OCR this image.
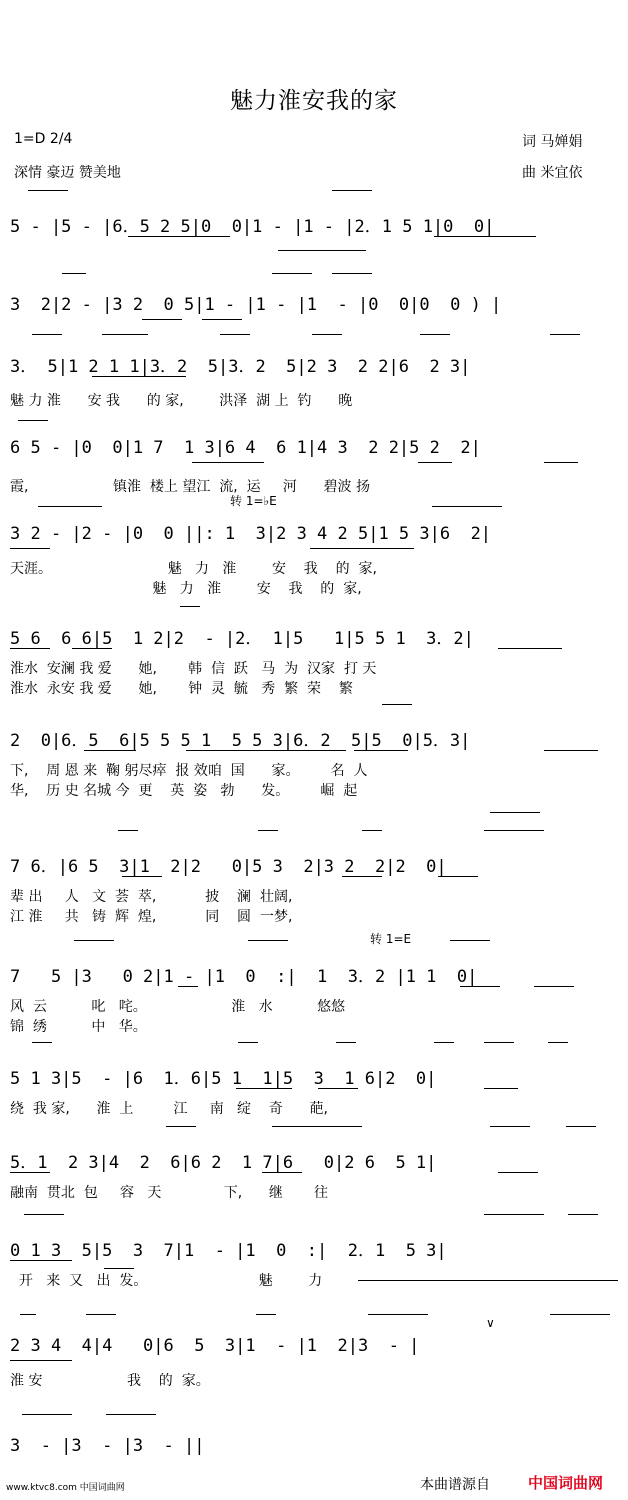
魅力淮安我的家
1=D 2/4
深情 豪迈 赞美地
词 马婵娟
曲 米宜依
5 - |5 - |6．5 2 5|0  0|1 - |1 - |2．1 5 1|0  0|
3  2|2 - |3 2  0 5|1 - |1 - |1  - |0  0|0  0 ) |
3． 5|1 2 1 1|3．2  5|3．2  5|2 3  2 2|6  2 3|
魅 力 淮      安 我      的 家,        洪泽  湖 上  钓      晚
6 5 - |0  0|1 7  1 3|6 4  6 1|4 3  2 2|5 2  2|
霞,                   镇淮  楼上 望江  流,  运     河      碧波 扬
转 1=♭E
3 2 - |2 - |0  0 ||: 1  3|2 3 4 2 5|1 5 3|6  2|
天涯。                          魅   力   淮        安    我    的  家,
魅   力   淮        安    我    的  家,
5 6  6 6|5  1 2|2  - |2． 1|5   1|5 5 1  3．2|
淮水  安澜 我 爱      她,       韩  信  跃   马  为  汉家  打 天
淮水  永安 我 爱      她,       钟  灵  毓   秀  繁  荣    繁
2  0|6．5  6|5 5 5 1  5 5 3|6．2  5|5  0|5．3|
下,    周 恩 来  鞠 躬尽瘁  报 效咱  国      家。       名  人
华,    历 史 名城 今  更    英  姿   勃      发。       崛  起
7 6．|6 5  3|1  2|2   0|5 3  2|3 2  2|2  0|
辈 出     人   文  荟  萃,           披    澜  壮阔,
江 淮     共   铸  辉  煌,           同    圆  一梦,
转 1=E
7   5 |3   0 2|1 - |1  0  :|  1  3．2 |1 1  0|
风  云          叱   咤。                   淮   水          悠悠
锦  绣          中   华。
5 1 3|5  - |6  1．6|5 1  1|5  3  1 6|2  0|
绕  我 家,      淮  上         江     南   绽    奇      葩,
5．1  2 3|4  2  6|6 2  1 7|6   0|2 6  5 1|
融南  贯北  包     容   天              下,      继       往
0 1 3  5|5  3  7|1  - |1  0  :|  2．1  5 3|
开   来  又   出  发。                         魅        力
∨
2 3 4  4|4   0|6  5  3|1  - |1  2|3  - |
淮 安                   我    的  家。
3  - |3  - |3  - ||
www.ktvc8.com 中国词曲网	本曲谱源自	中国词曲网
